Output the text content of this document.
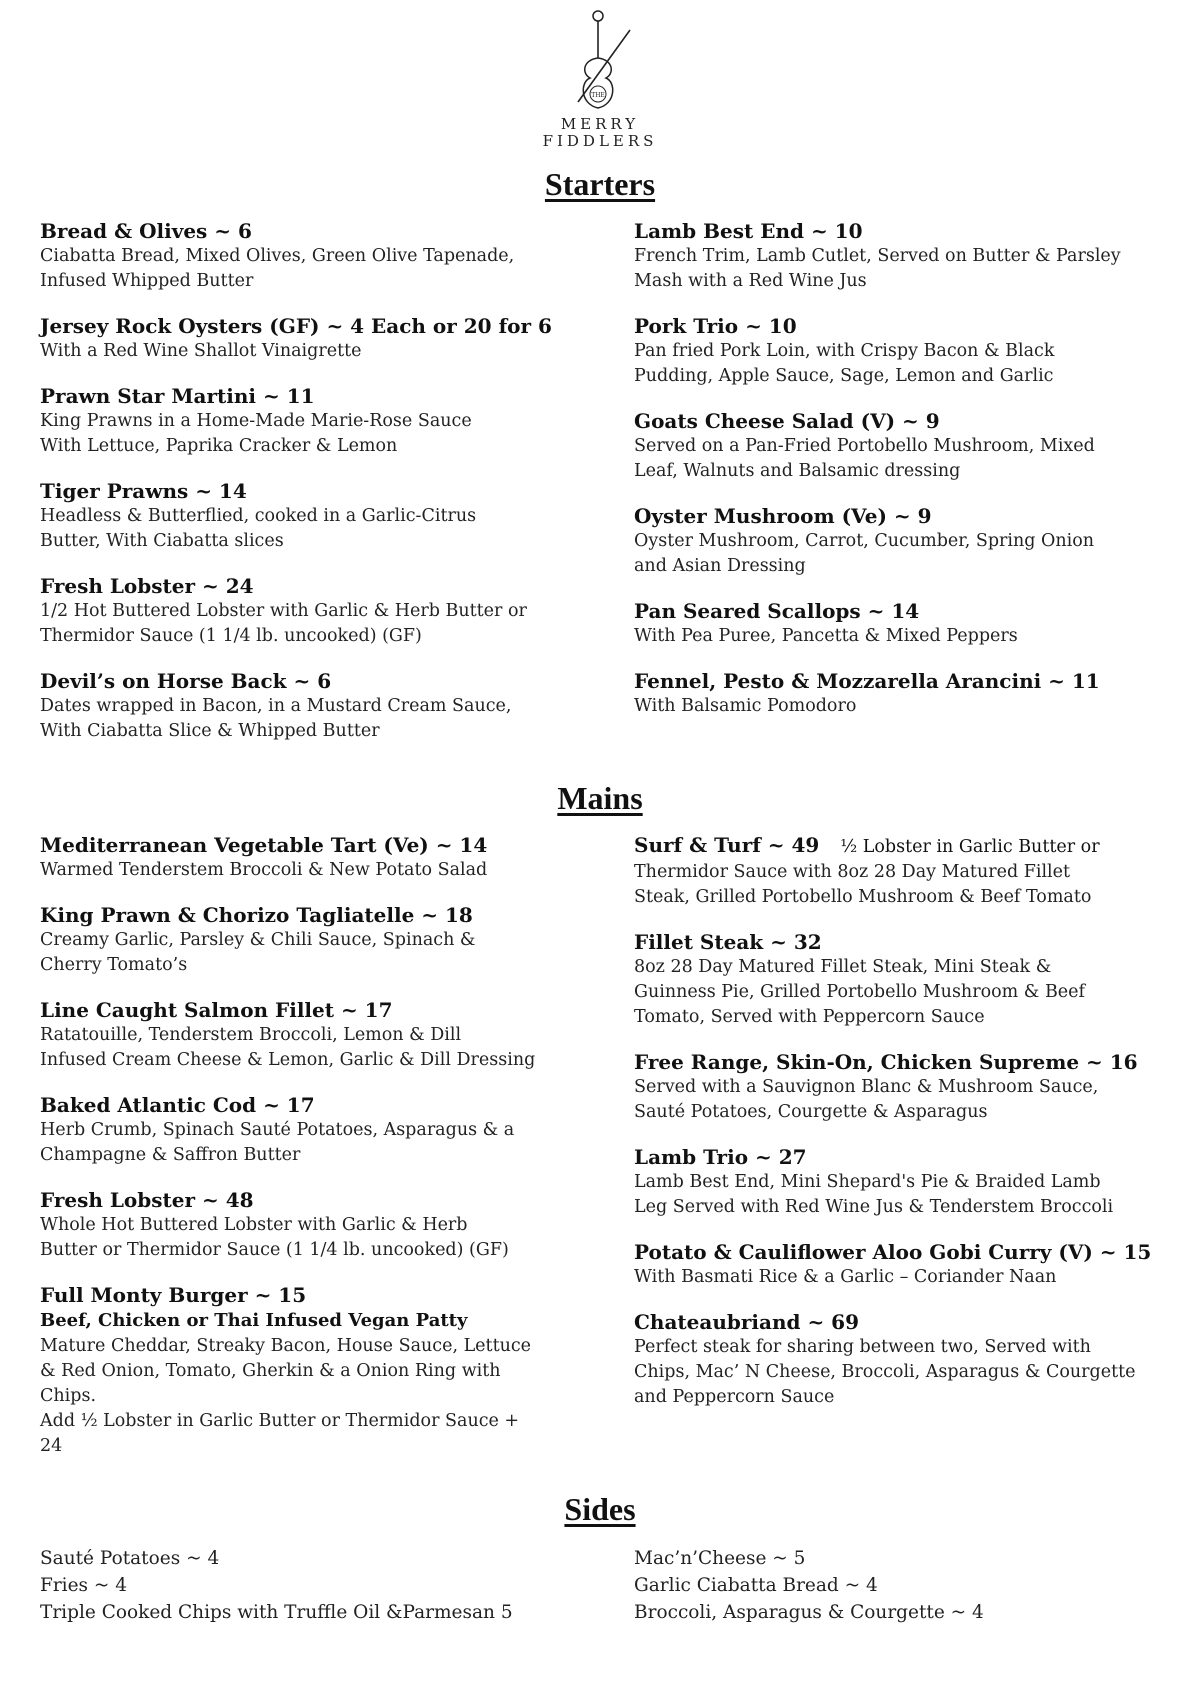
THE
MERRY
FIDDLERS
Starters
Bread & Olives ~ 6
Ciabatta Bread, Mixed Olives, Green Olive Tapenade,
Infused Whipped Butter
Jersey Rock Oysters (GF) ~ 4 Each or 20 for 6
With a Red Wine Shallot Vinaigrette
Prawn Star Martini ~ 11
King Prawns in a Home-Made Marie-Rose Sauce
With Lettuce, Paprika Cracker & Lemon
Tiger Prawns ~ 14
Headless & Butterflied, cooked in a Garlic-Citrus
Butter, With Ciabatta slices
Fresh Lobster ~ 24
1/2 Hot Buttered Lobster with Garlic & Herb Butter or
Thermidor Sauce (1 1/4 lb. uncooked) (GF)
Devil’s on Horse Back ~ 6
Dates wrapped in Bacon, in a Mustard Cream Sauce,
With Ciabatta Slice & Whipped Butter
Lamb Best End ~ 10
French Trim, Lamb Cutlet, Served on Butter & Parsley
Mash with a Red Wine Jus
Pork Trio ~ 10
Pan fried Pork Loin, with Crispy Bacon & Black
Pudding, Apple Sauce, Sage, Lemon and Garlic
Goats Cheese Salad (V) ~ 9
Served on a Pan-Fried Portobello Mushroom, Mixed
Leaf, Walnuts and Balsamic dressing
Oyster Mushroom (Ve) ~ 9
Oyster Mushroom, Carrot, Cucumber, Spring Onion
and Asian Dressing
Pan Seared Scallops ~ 14
With Pea Puree, Pancetta & Mixed Peppers
Fennel, Pesto & Mozzarella Arancini ~ 11
With Balsamic Pomodoro
Mains
Mediterranean Vegetable Tart (Ve) ~ 14
Warmed Tenderstem Broccoli & New Potato Salad
King Prawn & Chorizo Tagliatelle ~ 18
Creamy Garlic, Parsley & Chili Sauce, Spinach &
Cherry Tomato’s
Line Caught Salmon Fillet ~ 17
Ratatouille, Tenderstem Broccoli, Lemon & Dill
Infused Cream Cheese & Lemon, Garlic & Dill Dressing
Baked Atlantic Cod ~ 17
Herb Crumb, Spinach Sauté Potatoes, Asparagus & a
Champagne & Saffron Butter
Fresh Lobster ~ 48
Whole Hot Buttered Lobster with Garlic & Herb
Butter or Thermidor Sauce (1 1/4 lb. uncooked) (GF)
Full Monty Burger ~ 15
Beef, Chicken or Thai Infused Vegan Patty
Mature Cheddar, Streaky Bacon, House Sauce, Lettuce
& Red Onion, Tomato, Gherkin & a Onion Ring with
Chips.
Add ½ Lobster in Garlic Butter or Thermidor Sauce +
24
Surf & Turf ~ 49 ½ Lobster in Garlic Butter or
Thermidor Sauce with 8oz 28 Day Matured Fillet
Steak, Grilled Portobello Mushroom & Beef Tomato
Fillet Steak ~ 32
8oz 28 Day Matured Fillet Steak, Mini Steak &
Guinness Pie, Grilled Portobello Mushroom & Beef
Tomato, Served with Peppercorn Sauce
Free Range, Skin-On, Chicken Supreme ~ 16
Served with a Sauvignon Blanc & Mushroom Sauce,
Sauté Potatoes, Courgette & Asparagus
Lamb Trio ~ 27
Lamb Best End, Mini Shepard's Pie & Braided Lamb
Leg Served with Red Wine Jus & Tenderstem Broccoli
Potato & Cauliflower Aloo Gobi Curry (V) ~ 15
With Basmati Rice & a Garlic – Coriander Naan
Chateaubriand ~ 69
Perfect steak for sharing between two, Served with
Chips, Mac’ N Cheese, Broccoli, Asparagus & Courgette
and Peppercorn Sauce
Sides
Sauté Potatoes ~ 4
Fries ~ 4
Triple Cooked Chips with Truffle Oil &Parmesan 5
Mac’n’Cheese ~ 5
Garlic Ciabatta Bread ~ 4
Broccoli, Asparagus & Courgette ~ 4
